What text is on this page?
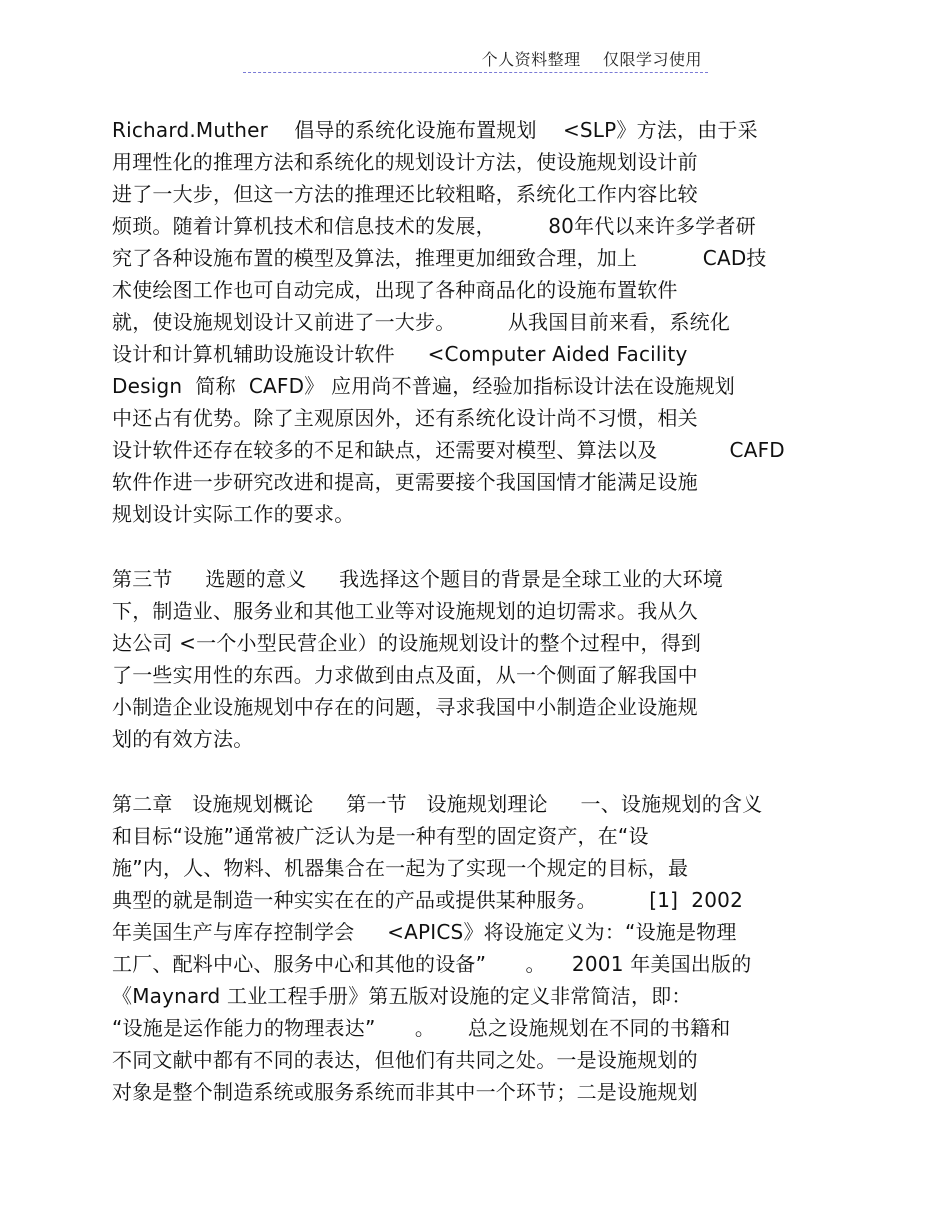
个人资料整理    仅限学习使用
Richard.Muther    倡导的系统化设施布置规划    <SLP》方法，由于采
用理性化的推理方法和系统化的规划设计方法，使设施规划设计前
进了一大步，但这一方法的推理还比较粗略，系统化工作内容比较
烦琐。随着计算机技术和信息技术的发展，        80年代以来许多学者研
究了各种设施布置的模型及算法，推理更加细致合理，加上          CAD技
术使绘图工作也可自动完成，出现了各种商品化的设施布置软件
就，使设施规划设计又前进了一大步。        从我国目前来看，系统化
设计和计算机辅助设施设计软件     <Computer Aided Facility
Design  简称  CAFD》 应用尚不普遍，经验加指标设计法在设施规划
中还占有优势。除了主观原因外，还有系统化设计尚不习惯，相关
设计软件还存在较多的不足和缺点，还需要对模型、算法以及           CAFD
软件作进一步研究改进和提高，更需要接个我国国情才能满足设施
规划设计实际工作的要求。
第三节     选题的意义     我选择这个题目的背景是全球工业的大环境
下，制造业、服务业和其他工业等对设施规划的迫切需求。我从久
达公司 <一个小型民营企业）的设施规划设计的整个过程中，得到
了一些实用性的东西。力求做到由点及面，从一个侧面了解我国中
小制造企业设施规划中存在的问题，寻求我国中小制造企业设施规
划的有效方法。
第二章   设施规划概论     第一节   设施规划理论     一、设施规划的含义
和目标“设施”通常被广泛认为是一种有型的固定资产，在“设
施”内，人、物料、机器集合在一起为了实现一个规定的目标，最
典型的就是制造一种实实在在的产品或提供某种服务。        [1]  2002
年美国生产与库存控制学会     <APICS》将设施定义为：“设施是物理
工厂、配料中心、服务中心和其他的设备”      。    2001 年美国出版的
《Maynard 工业工程手册》第五版对设施的定义非常简洁，即：
“设施是运作能力的物理表达”      。     总之设施规划在不同的书籍和
不同文献中都有不同的表达，但他们有共同之处。一是设施规划的
对象是整个制造系统或服务系统而非其中一个环节；二是设施规划
